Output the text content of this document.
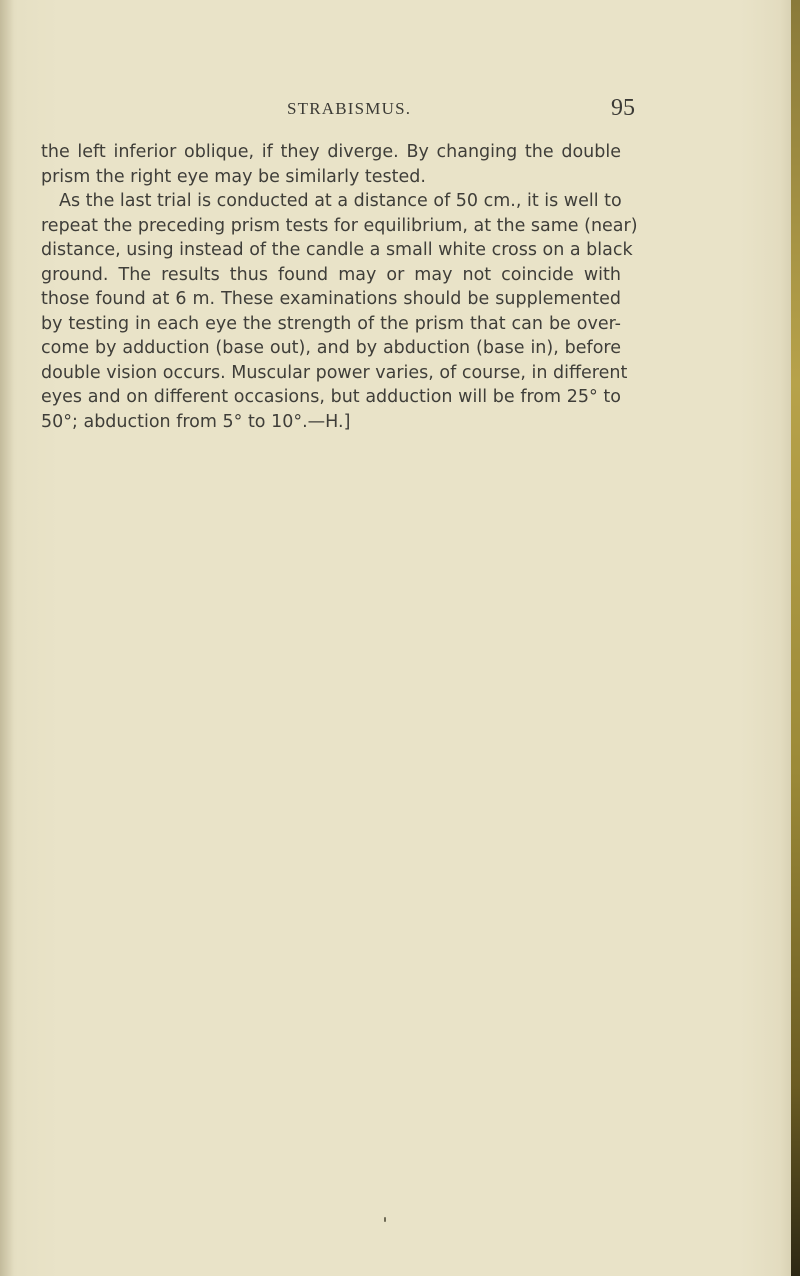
STRABISMUS.	95
the left inferior oblique, if they diverge. By changing the double
prism the right eye may be similarly tested.
As the last trial is conducted at a distance of 50 cm., it is well to
repeat the preceding prism tests for equilibrium, at the same (near)
distance, using instead of the candle a small white cross on a black
ground. The results thus found may or may not coincide with
those found at 6 m. These examinations should be supplemented
by testing in each eye the strength of the prism that can be over-
come by adduction (base out), and by abduction (base in), before
double vision occurs. Muscular power varies, of course, in different
eyes and on different occasions, but adduction will be from 25° to
50°; abduction from 5° to 10°.—H.]
